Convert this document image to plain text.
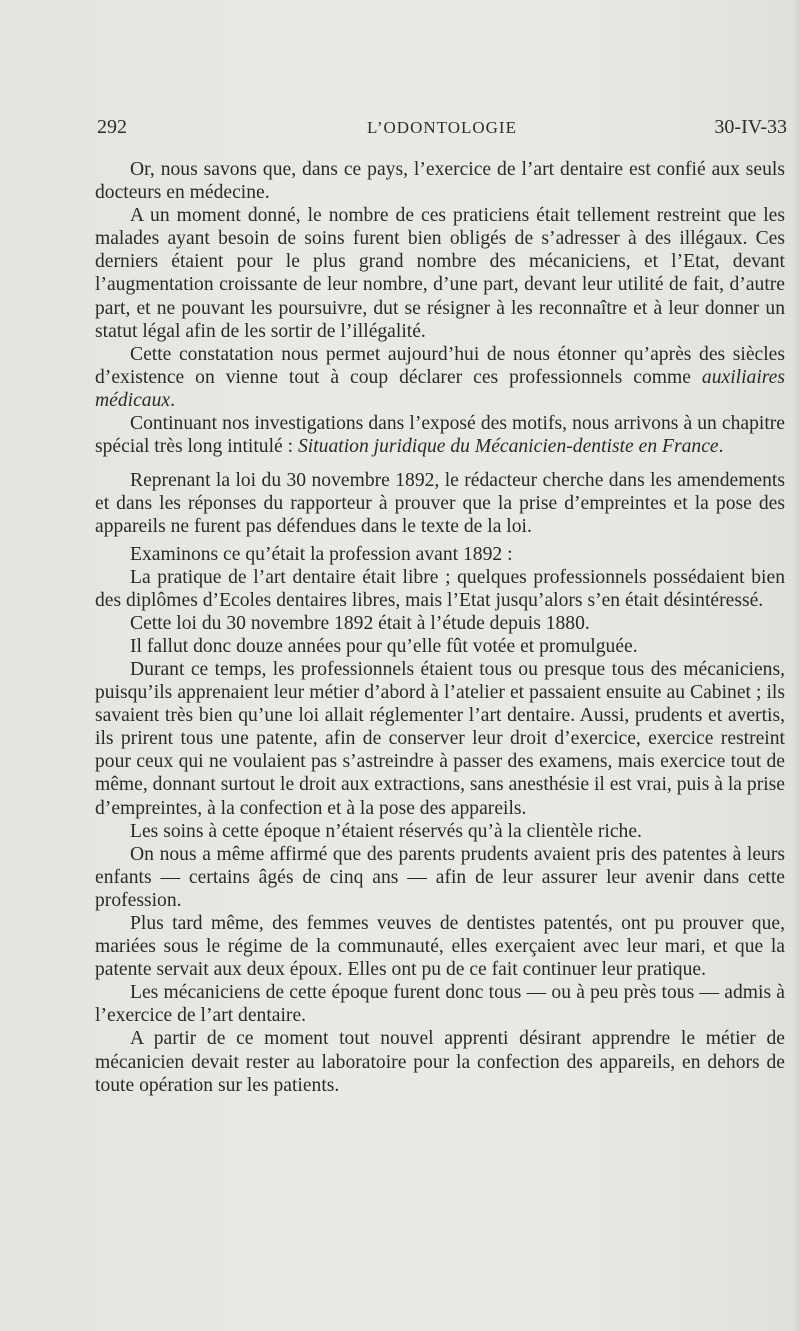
292	L’ODONTOLOGIE	30-IV-33

Or, nous savons que, dans ce pays, l’exercice de l’art dentaire est confié aux seuls docteurs en médecine.

A un moment donné, le nombre de ces praticiens était tellement restreint que les malades ayant besoin de soins furent bien obligés de s’adresser à des illégaux. Ces derniers étaient pour le plus grand nombre des mécaniciens, et l’Etat, devant l’augmentation croissante de leur nombre, d’une part, devant leur utilité de fait, d’autre part, et ne pouvant les poursuivre, dut se résigner à les reconnaître et à leur donner un statut légal afin de les sortir de l’illégalité.

Cette constatation nous permet aujourd’hui de nous étonner qu’après des siècles d’existence on vienne tout à coup déclarer ces professionnels comme auxiliaires médicaux.

Continuant nos investigations dans l’exposé des motifs, nous arrivons à un chapitre spécial très long intitulé : Situation juridique du Mécanicien-dentiste en France.

Reprenant la loi du 30 novembre 1892, le rédacteur cherche dans les amendements et dans les réponses du rapporteur à prouver que la prise d’empreintes et la pose des appareils ne furent pas défendues dans le texte de la loi.

Examinons ce qu’était la profession avant 1892 :

La pratique de l’art dentaire était libre ; quelques professionnels possédaient bien des diplômes d’Ecoles dentaires libres, mais l’Etat jusqu’alors s’en était désintéressé.

Cette loi du 30 novembre 1892 était à l’étude depuis 1880.

Il fallut donc douze années pour qu’elle fût votée et promulguée.

Durant ce temps, les professionnels étaient tous ou presque tous des mécaniciens, puisqu’ils apprenaient leur métier d’abord à l’atelier et passaient ensuite au Cabinet ; ils savaient très bien qu’une loi allait réglementer l’art dentaire. Aussi, prudents et avertis, ils prirent tous une patente, afin de conserver leur droit d’exercice, exercice restreint pour ceux qui ne voulaient pas s’astreindre à passer des examens, mais exercice tout de même, donnant surtout le droit aux extractions, sans anesthésie il est vrai, puis à la prise d’empreintes, à la confection et à la pose des appareils.

Les soins à cette époque n’étaient réservés qu’à la clientèle riche.

On nous a même affirmé que des parents prudents avaient pris des patentes à leurs enfants — certains âgés de cinq ans — afin de leur assurer leur avenir dans cette profession.

Plus tard même, des femmes veuves de dentistes patentés, ont pu prouver que, mariées sous le régime de la communauté, elles exerçaient avec leur mari, et que la patente servait aux deux époux. Elles ont pu de ce fait continuer leur pratique.

Les mécaniciens de cette époque furent donc tous — ou à peu près tous — admis à l’exercice de l’art dentaire.

A partir de ce moment tout nouvel apprenti désirant apprendre le métier de mécanicien devait rester au laboratoire pour la confection des appareils, en dehors de toute opération sur les patients.
